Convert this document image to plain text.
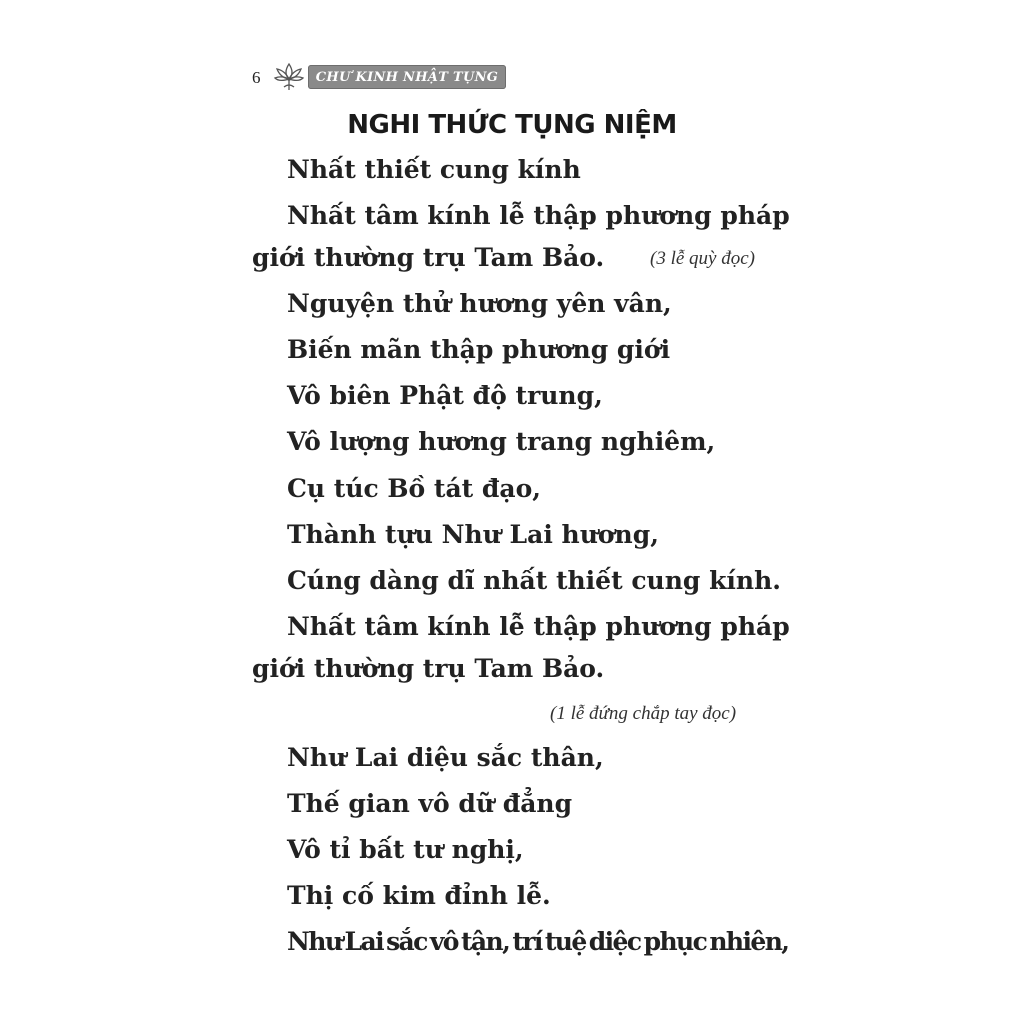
6	CHƯ KINH NHẬT TỤNG
NGHI THỨC TỤNG NIỆM
Nhất thiết cung kính
Nhất tâm kính lễ thập phương pháp
giới thường trụ Tam Bảo. (3 lễ quỳ đọc)
Nguyện thử hương yên vân,
Biến mãn thập phương giới
Vô biên Phật độ trung,
Vô lượng hương trang nghiêm,
Cụ túc Bồ tát đạo,
Thành tựu Như Lai hương,
Cúng dàng dĩ nhất thiết cung kính.
Nhất tâm kính lễ thập phương pháp
giới thường trụ Tam Bảo.
(1 lễ đứng chắp tay đọc)
Như Lai diệu sắc thân,
Thế gian vô dữ đẳng
Vô tỉ bất tư nghị,
Thị cố kim đỉnh lễ.
Như Lai sắc vô tận, trí tuệ diệc phục nhiên,
